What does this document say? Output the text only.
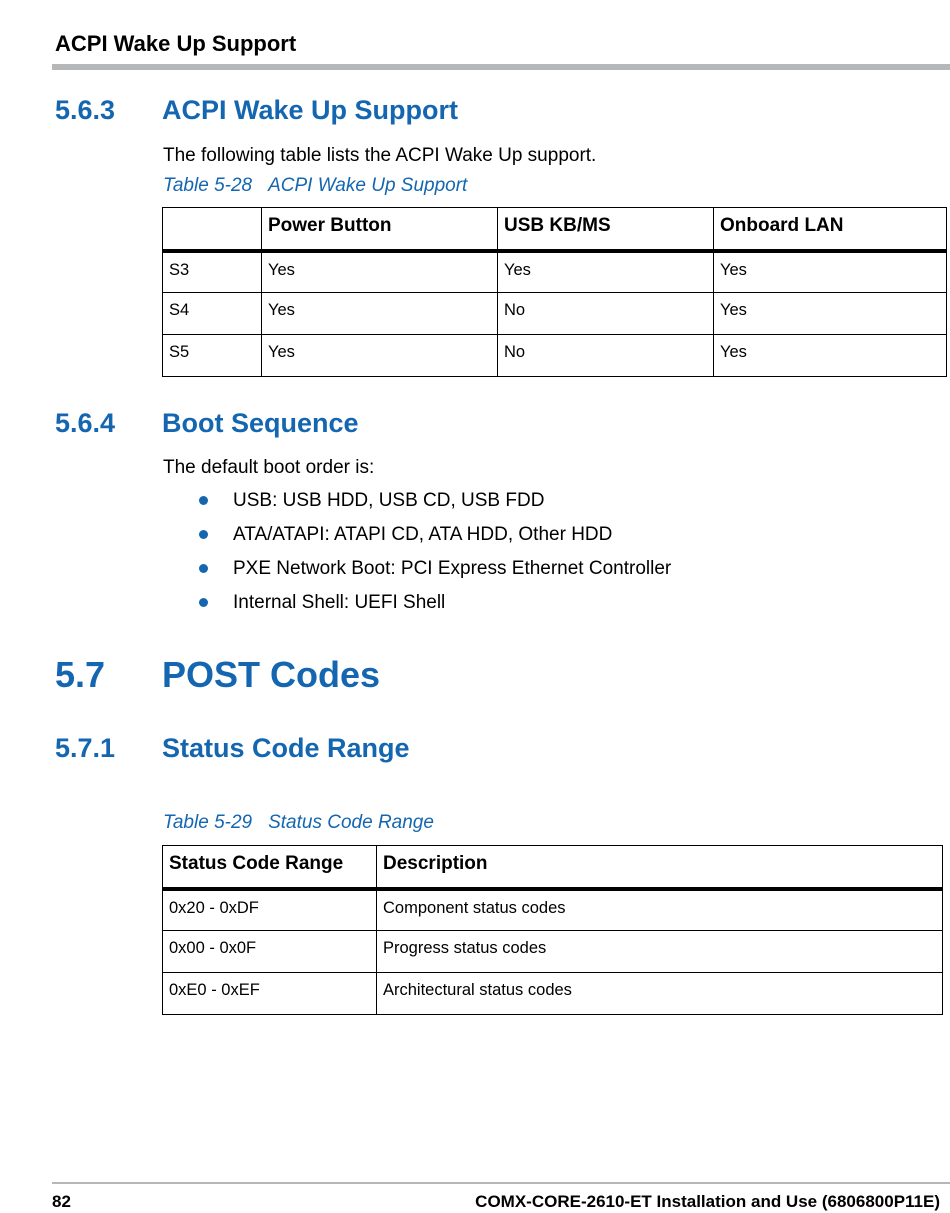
ACPI Wake Up Support
5.6.3 ACPI Wake Up Support
The following table lists the ACPI Wake Up support.
Table 5-28 ACPI Wake Up Support
	Power Button	USB KB/MS	Onboard LAN
S3	Yes	Yes	Yes
S4	Yes	No	Yes
S5	Yes	No	Yes
5.6.4 Boot Sequence
The default boot order is:
USB: USB HDD, USB CD, USB FDD
ATA/ATAPI: ATAPI CD, ATA HDD, Other HDD
PXE Network Boot: PCI Express Ethernet Controller
Internal Shell: UEFI Shell
5.7 POST Codes
5.7.1 Status Code Range
Table 5-29 Status Code Range
Status Code Range	Description
0x20 - 0xDF	Component status codes
0x00 - 0x0F	Progress status codes
0xE0 - 0xEF	Architectural status codes
82	COMX-CORE-2610-ET Installation and Use (6806800P11E)
